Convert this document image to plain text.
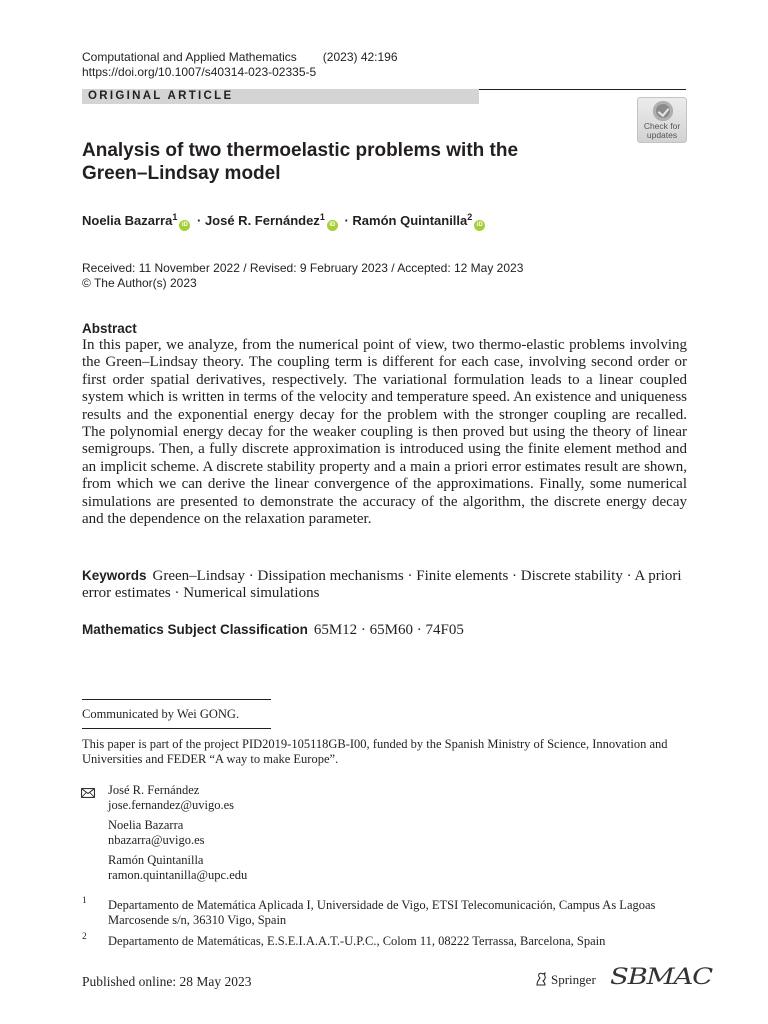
Computational and Applied Mathematics (2023) 42:196
https://doi.org/10.1007/s40314-023-02335-5
ORIGINAL ARTICLE
Check for
updates
Analysis of two thermoelastic problems with the Green–Lindsay model
Noelia Bazarra$^1$iD · José R. Fernández$^1$iD · Ramón Quintanilla$^2$iD
Received: 11 November 2022 / Revised: 9 February 2023 / Accepted: 12 May 2023
© The Author(s) 2023
Abstract

In this paper, we analyze, from the numerical point of view, two thermo-elastic problems involving the Green–Lindsay theory. The coupling term is different for each case, involving second order or first order spatial derivatives, respectively. The variational formulation leads to a linear coupled system which is written in terms of the velocity and temperature speed. An existence and uniqueness results and the exponential energy decay for the problem with the stronger coupling are recalled. The polynomial energy decay for the weaker coupling is then proved but using the theory of linear semigroups. Then, a fully discrete approximation is introduced using the finite element method and an implicit scheme. A discrete stability property and a main a priori error estimates result are shown, from which we can derive the linear convergence of the approximations. Finally, some numerical simulations are presented to demonstrate the accuracy of the algorithm, the discrete energy decay and the dependence on the relaxation parameter.

Keywords Green–Lindsay · Dissipation mechanisms · Finite elements · Discrete stability · A priori error estimates · Numerical simulations

Mathematics Subject Classification 65M12 · 65M60 · 74F05
Communicated by Wei GONG.
This paper is part of the project PID2019-105118GB-I00, funded by the Spanish Ministry of Science, Innovation and Universities and FEDER “A way to make Europe”.
José R. Fernández
jose.fernandez@uvigo.es
Noelia Bazarra
nbazarra@uvigo.es
Ramón Quintanilla
ramon.quintanilla@upc.edu
1 Departamento de Matemática Aplicada I, Universidade de Vigo, ETSI Telecomunicación, Campus As Lagoas Marcosende s/n, 36310 Vigo, Spain
2 Departamento de Matemáticas, E.S.E.I.A.A.T.-U.P.C., Colom 11, 08222 Terrassa, Barcelona, Spain
Published online: 28 May 2023	Springer SBMAC
